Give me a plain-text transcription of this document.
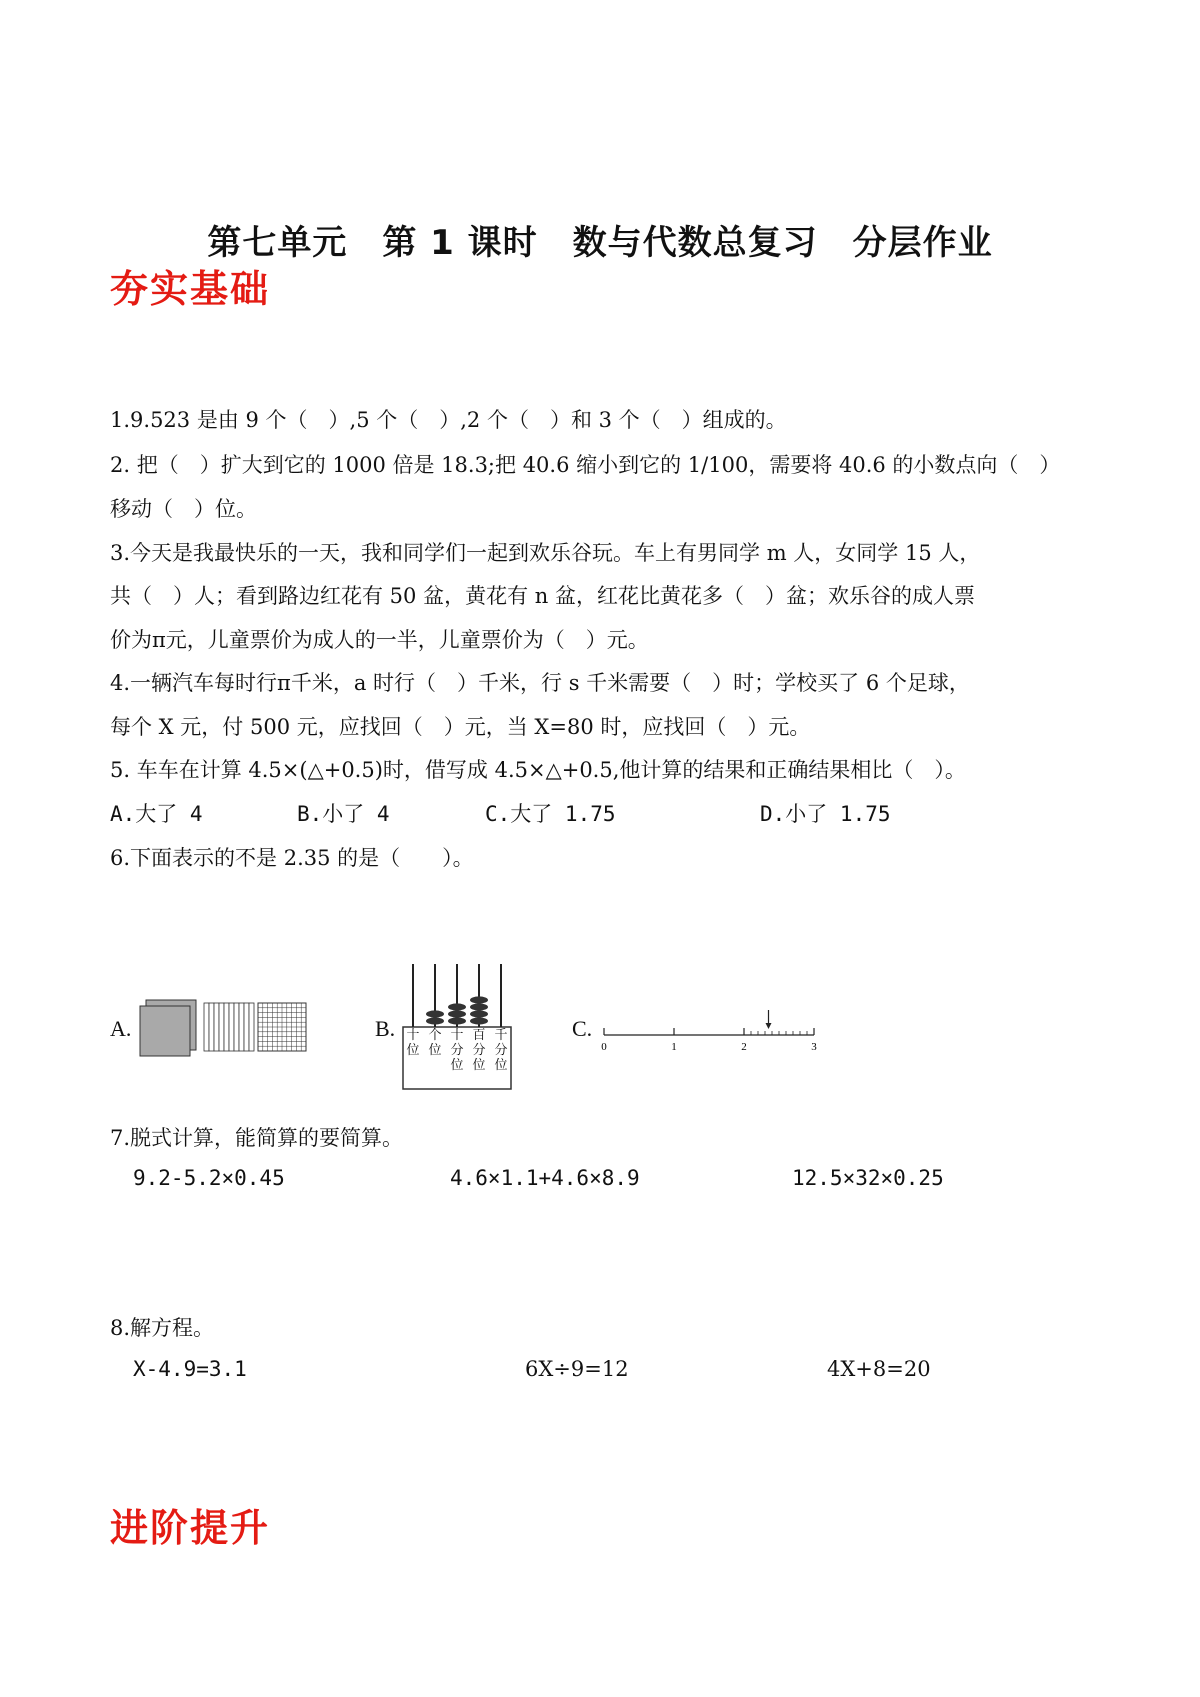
第七单元　第 1 课时　数与代数总复习　分层作业
夯实基础
1.9.523 是由 9 个（　）,5 个（　）,2 个（　）和 3 个（　）组成的。
2. 把（　）扩大到它的 1000 倍是 18.3;把 40.6 缩小到它的 1/100，需要将 40.6 的小数点向（　）
移动（　）位。
3.今天是我最快乐的一天，我和同学们一起到欢乐谷玩。车上有男同学 m 人，女同学 15 人，
共（　）人；看到路边红花有 50 盆，黄花有 n 盆，红花比黄花多（　）盆；欢乐谷的成人票
价为π元，儿童票价为成人的一半，儿童票价为（　）元。
4.一辆汽车每时行π千米，a 时行（　）千米，行 s 千米需要（　）时；学校买了 6 个足球，
每个 X 元，付 500 元，应找回（　）元，当 X=80 时，应找回（　）元。
5. 车车在计算 4.5×(△+0.5)时，借写成 4.5×△+0.5,他计算的结果和正确结果相比（　）。
A.大了 4	B.小了 4	C.大了 1.75	D.小了 1.75
6.下面表示的不是 2.35 的是（　　）。
A.	B. 十位
个位
十分位
百分位
千分位
C.
0	1	2	3
7.脱式计算，能简算的要简算。
9.2-5.2×0.45	4.6×1.1+4.6×8.9	12.5×32×0.25
8.解方程。
X-4.9=3.1	6X÷9=12	4X+8=20
进阶提升
